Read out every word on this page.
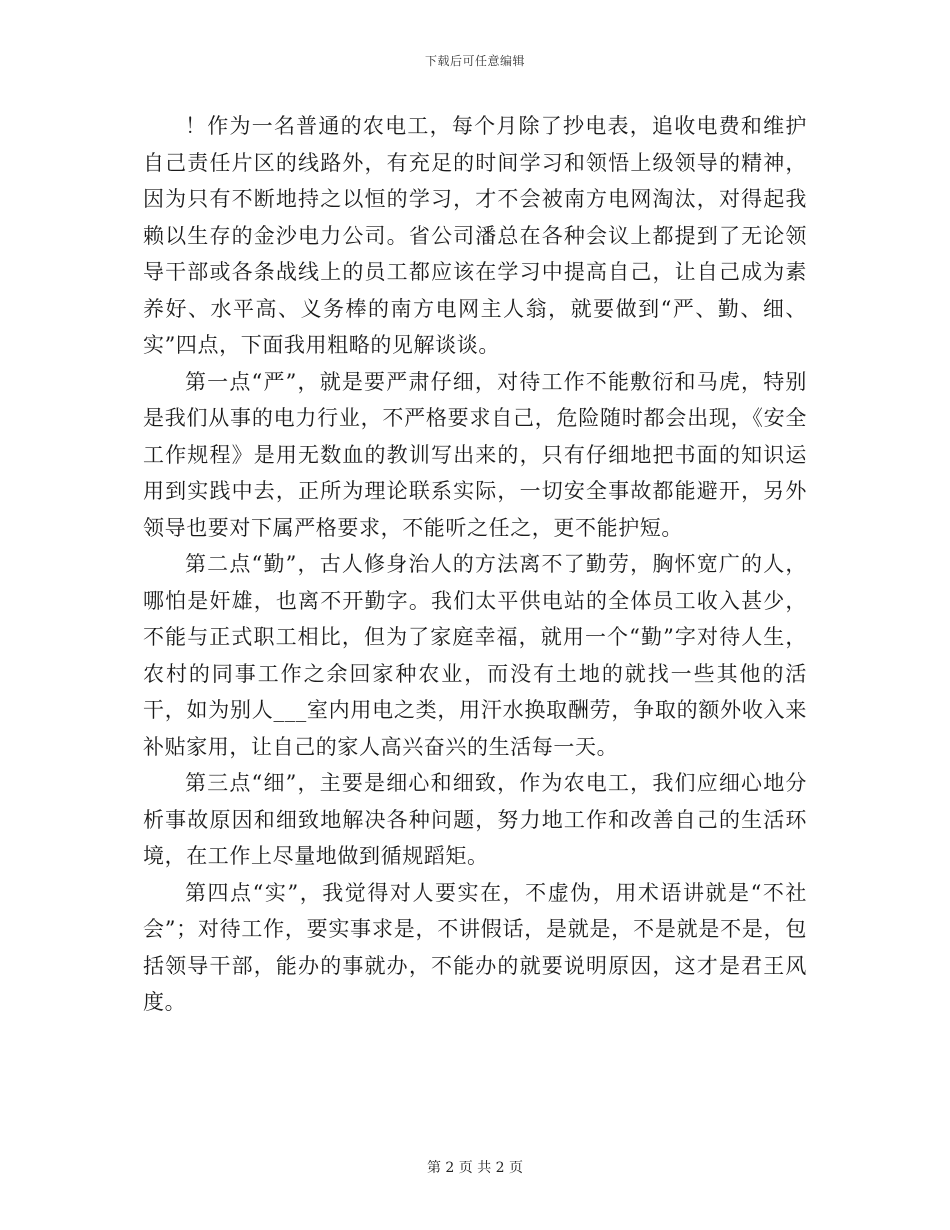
下载后可任意编辑

！作为一名普通的农电工，每个月除了抄电表，追收电费和维护自己责任片区的线路外，有充足的时间学习和领悟上级领导的精神，因为只有不断地持之以恒的学习，才不会被南方电网淘汰，对得起我赖以生存的金沙电力公司。省公司潘总在各种会议上都提到了无论领导干部或各条战线上的员工都应该在学习中提高自己，让自己成为素养好、水平高、义务棒的南方电网主人翁，就要做到“严、勤、细、实”四点，下面我用粗略的见解谈谈。

第一点“严”，就是要严肃仔细，对待工作不能敷衍和马虎，特别是我们从事的电力行业，不严格要求自己，危险随时都会出现，《安全工作规程》是用无数血的教训写出来的，只有仔细地把书面的知识运用到实践中去，正所为理论联系实际，一切安全事故都能避开，另外领导也要对下属严格要求，不能听之任之，更不能护短。

第二点“勤”，古人修身治人的方法离不了勤劳，胸怀宽广的人，哪怕是奸雄，也离不开勤字。我们太平供电站的全体员工收入甚少，不能与正式职工相比，但为了家庭幸福，就用一个“勤”字对待人生，农村的同事工作之余回家种农业，而没有土地的就找一些其他的活干，如为别人___室内用电之类，用汗水换取酬劳，争取的额外收入来补贴家用，让自己的家人高兴奋兴的生活每一天。

第三点“细”，主要是细心和细致，作为农电工，我们应细心地分析事故原因和细致地解决各种问题，努力地工作和改善自己的生活环境，在工作上尽量地做到循规蹈矩。

第四点“实”，我觉得对人要实在，不虚伪，用术语讲就是“不社会”；对待工作，要实事求是，不讲假话，是就是，不是就是不是，包括领导干部，能办的事就办，不能办的就要说明原因，这才是君王风度。

第 2 页 共 2 页
